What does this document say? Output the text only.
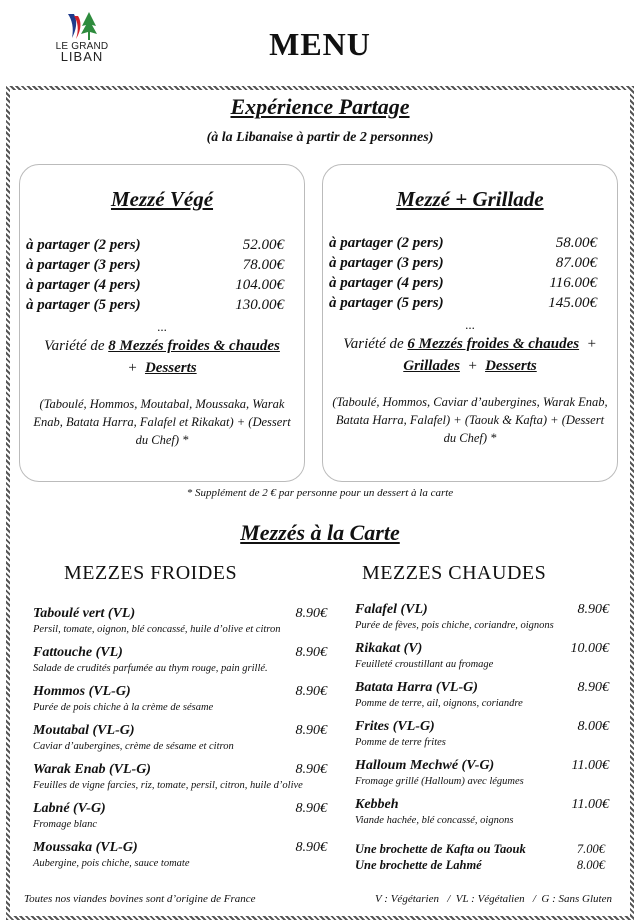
LE GRAND
LIBAN	MENU
Expérience Partage
(à la Libanaise à partir de 2 personnes)
Mezzé Végé
à partager (2 pers)	52.00€
à partager (3 pers)	78.00€
à partager (4 pers)	104.00€
à partager (5 pers)	130.00€
...
Variété de 8 Mezzés froides & chaudes
+ Desserts
(Taboulé, Hommos, Moutabal, Moussaka, Warak Enab, Batata Harra, Falafel et Rikakat) + (Dessert du Chef) *
Mezzé + Grillade
à partager (2 pers)	58.00€
à partager (3 pers)	87.00€
à partager (4 pers)	116.00€
à partager (5 pers)	145.00€
...
Variété de 6 Mezzés froides & chaudes +
Grillades + Desserts
(Taboulé, Hommos, Caviar d’aubergines, Warak Enab, Batata Harra, Falafel) + (Taouk & Kafta) + (Dessert du Chef) *
* Supplément de 2 € par personne pour un dessert à la carte
Mezzés à la Carte
MEZZES FROIDES	MEZZES CHAUDES
Taboulé vert (VL)	8.90€
Persil, tomate, oignon, blé concassé, huile d’olive et citron
Fattouche (VL)	8.90€
Salade de crudités parfumée au thym rouge, pain grillé.
Hommos (VL-G)	8.90€
Purée de pois chiche à la crème de sésame
Moutabal (VL-G)	8.90€
Caviar d’aubergines, crème de sésame et citron
Warak Enab (VL-G)	8.90€
Feuilles de vigne farcies, riz, tomate, persil, citron, huile d’olive
Labné (V-G)	8.90€
Fromage blanc
Moussaka (VL-G)	8.90€
Aubergine, pois chiche, sauce tomate
Falafel (VL)	8.90€
Purée de fèves, pois chiche, coriandre, oignons
Rikakat (V)	10.00€
Feuilleté croustillant au fromage
Batata Harra (VL-G)	8.90€
Pomme de terre, ail, oignons, coriandre
Frites (VL-G)	8.00€
Pomme de terre frites
Halloum Mechwé (V-G)	11.00€
Fromage grillé (Halloum) avec légumes
Kebbeh	11.00€
Viande hachée, blé concassé, oignons
Une brochette de Kafta ou Taouk	7.00€
Une brochette de Lahmé	8.00€
Toutes nos viandes bovines sont d’origine de France	V : Végétarien   /  VL : Végétalien   /  G : Sans Gluten
